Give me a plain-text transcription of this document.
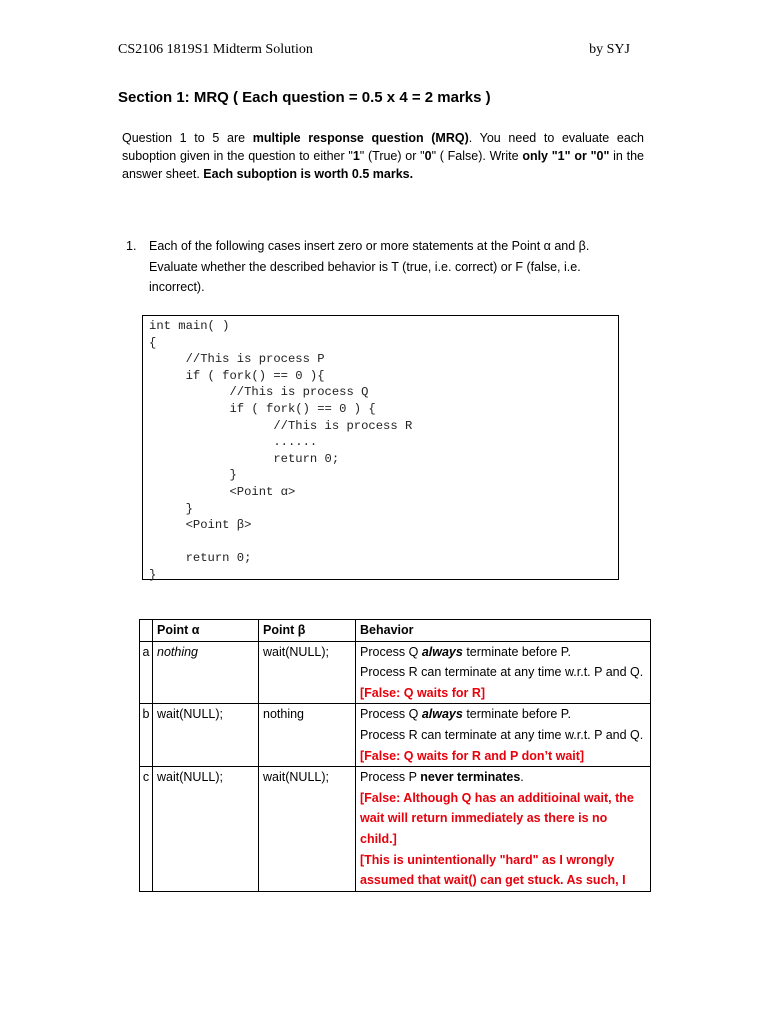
CS2106 1819S1 Midterm Solution	by SYJ
Section 1: MRQ ( Each question = 0.5 x 4 = 2 marks )
Question 1 to 5 are multiple response question (MRQ). You need to evaluate each suboption given in the question to either "1" (True) or "0" ( False). Write only "1" or "0" in the answer sheet. Each suboption is worth 0.5 marks.
1. Each of the following cases insert zero or more statements at the Point α and β. Evaluate whether the described behavior is T (true, i.e. correct) or F (false, i.e. incorrect).
int main( )
{
//This is process P
if ( fork() == 0 ){
//This is process Q
if ( fork() == 0 ) {
//This is process R
......
return 0;
}
<Point α>
}
<Point β>

return 0;
}
	Point α	Point β	Behavior
a	nothing	wait(NULL);	Process Q always terminate before P.
Process R can terminate at any time w.r.t. P and Q.
[False: Q waits for R]

b	wait(NULL);	nothing	Process Q always terminate before P.
Process R can terminate at any time w.r.t. P and Q.
[False: Q waits for R and P don’t wait]

c	wait(NULL);	wait(NULL);	Process P never terminates.
[False: Although Q has an additioinal wait, the wait will return immediately as there is no child.]
[This is unintentionally "hard" as I wrongly assumed that wait() can get stuck. As such, I
